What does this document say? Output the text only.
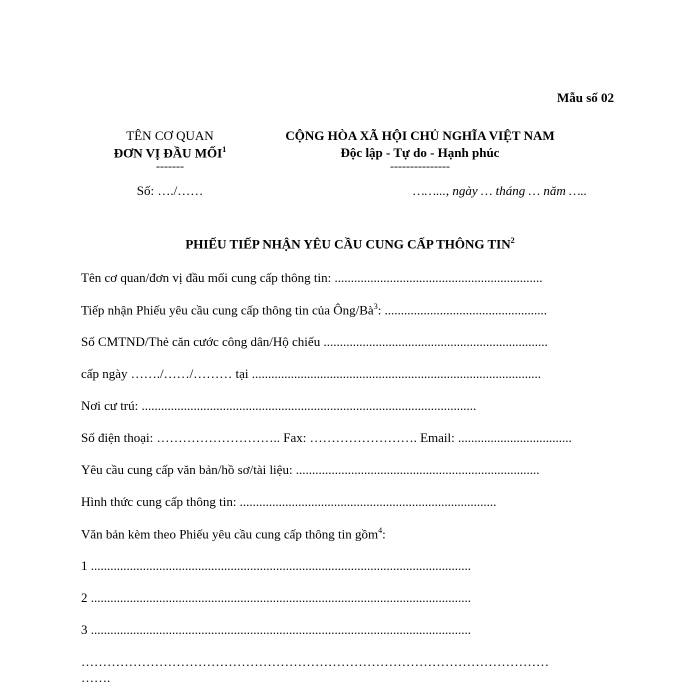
Mẫu số 02
TÊN CƠ QUAN
ĐƠN VỊ ĐẦU MỐI$^1$
-------
Số: …./……
CỘNG HÒA XÃ HỘI CHỦ NGHĨA VIỆT NAM
Độc lập - Tự do - Hạnh phúc
---------------
……..., ngày … tháng … năm …..
PHIẾU TIẾP NHẬN YÊU CẦU CUNG CẤP THÔNG TIN$^2$
Tên cơ quan/đơn vị đầu mối cung cấp thông tin: ................................................................
Tiếp nhận Phiếu yêu cầu cung cấp thông tin của Ông/$Bà^3$: ..................................................
Số CMTND/Thẻ căn cước công dân/Hộ chiếu .....................................................................
cấp ngày ……./……/……… tại .........................................................................................
Nơi cư trú: .......................................................................................................
Số điện thoại: ……………………….. Fax: ……………………. Email: ...................................
Yêu cầu cung cấp văn bản/hồ sơ/tài liệu: ...........................................................................
Hình thức cung cấp thông tin: ...............................................................................
Văn bản kèm theo Phiếu yêu cầu cung cấp thông tin gồm$^4$:
1 .....................................................................................................................
2 .....................................................................................................................
3 .....................................................................................................................
………………………………………………………………………………………………
…….
